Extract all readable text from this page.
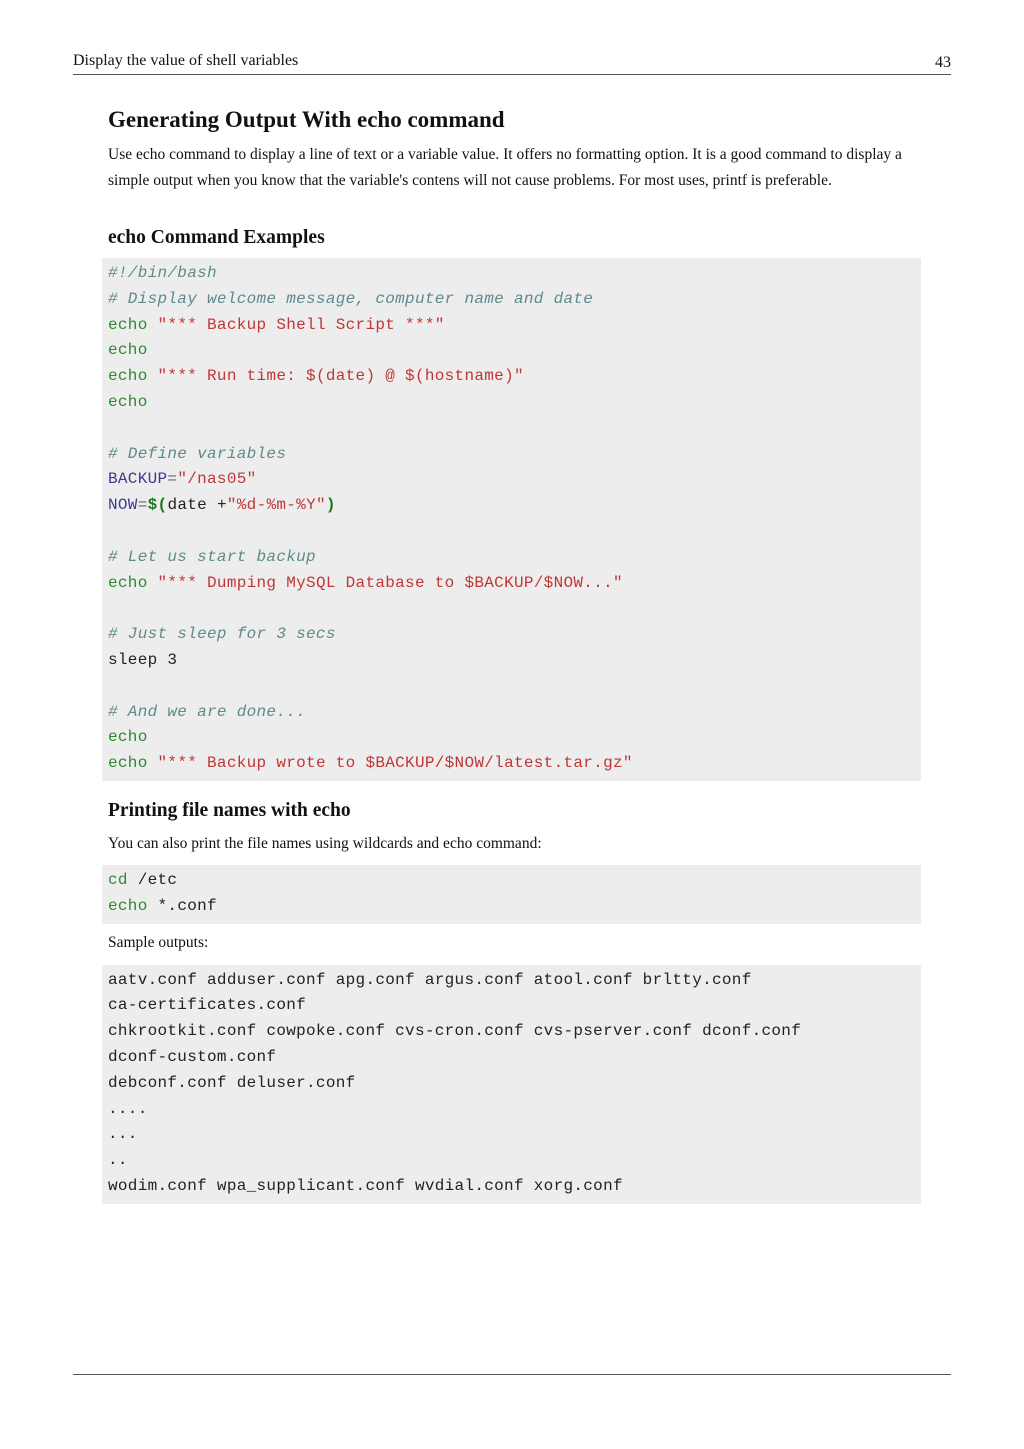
Display the value of shell variables	43
Generating Output With echo command

Use echo command to display a line of text or a variable value. It offers no formatting option. It is a good command to display a simple output when you know that the variable's contens will not cause problems. For most uses, printf is preferable.

echo Command Examples
#!/bin/bash
# Display welcome message, computer name and date
echo "*** Backup Shell Script ***"
echo
echo "*** Run time: $(date) @ $(hostname)"
echo
# Define variables
BACKUP="/nas05"
NOW=$(date +"%d-%m-%Y")
# Let us start backup
echo "*** Dumping MySQL Database to $BACKUP/$NOW..."
# Just sleep for 3 secs
sleep 3
# And we are done...
echo
echo "*** Backup wrote to $BACKUP/$NOW/latest.tar.gz"
Printing file names with echo

You can also print the file names using wildcards and echo command:

cd /etc
echo *.conf

Sample outputs:

aatv.conf adduser.conf apg.conf argus.conf atool.conf brltty.conf
ca-certificates.conf
chkrootkit.conf cowpoke.conf cvs-cron.conf cvs-pserver.conf dconf.conf
dconf-custom.conf
debconf.conf deluser.conf
....
...
..
wodim.conf wpa_supplicant.conf wvdial.conf xorg.conf
